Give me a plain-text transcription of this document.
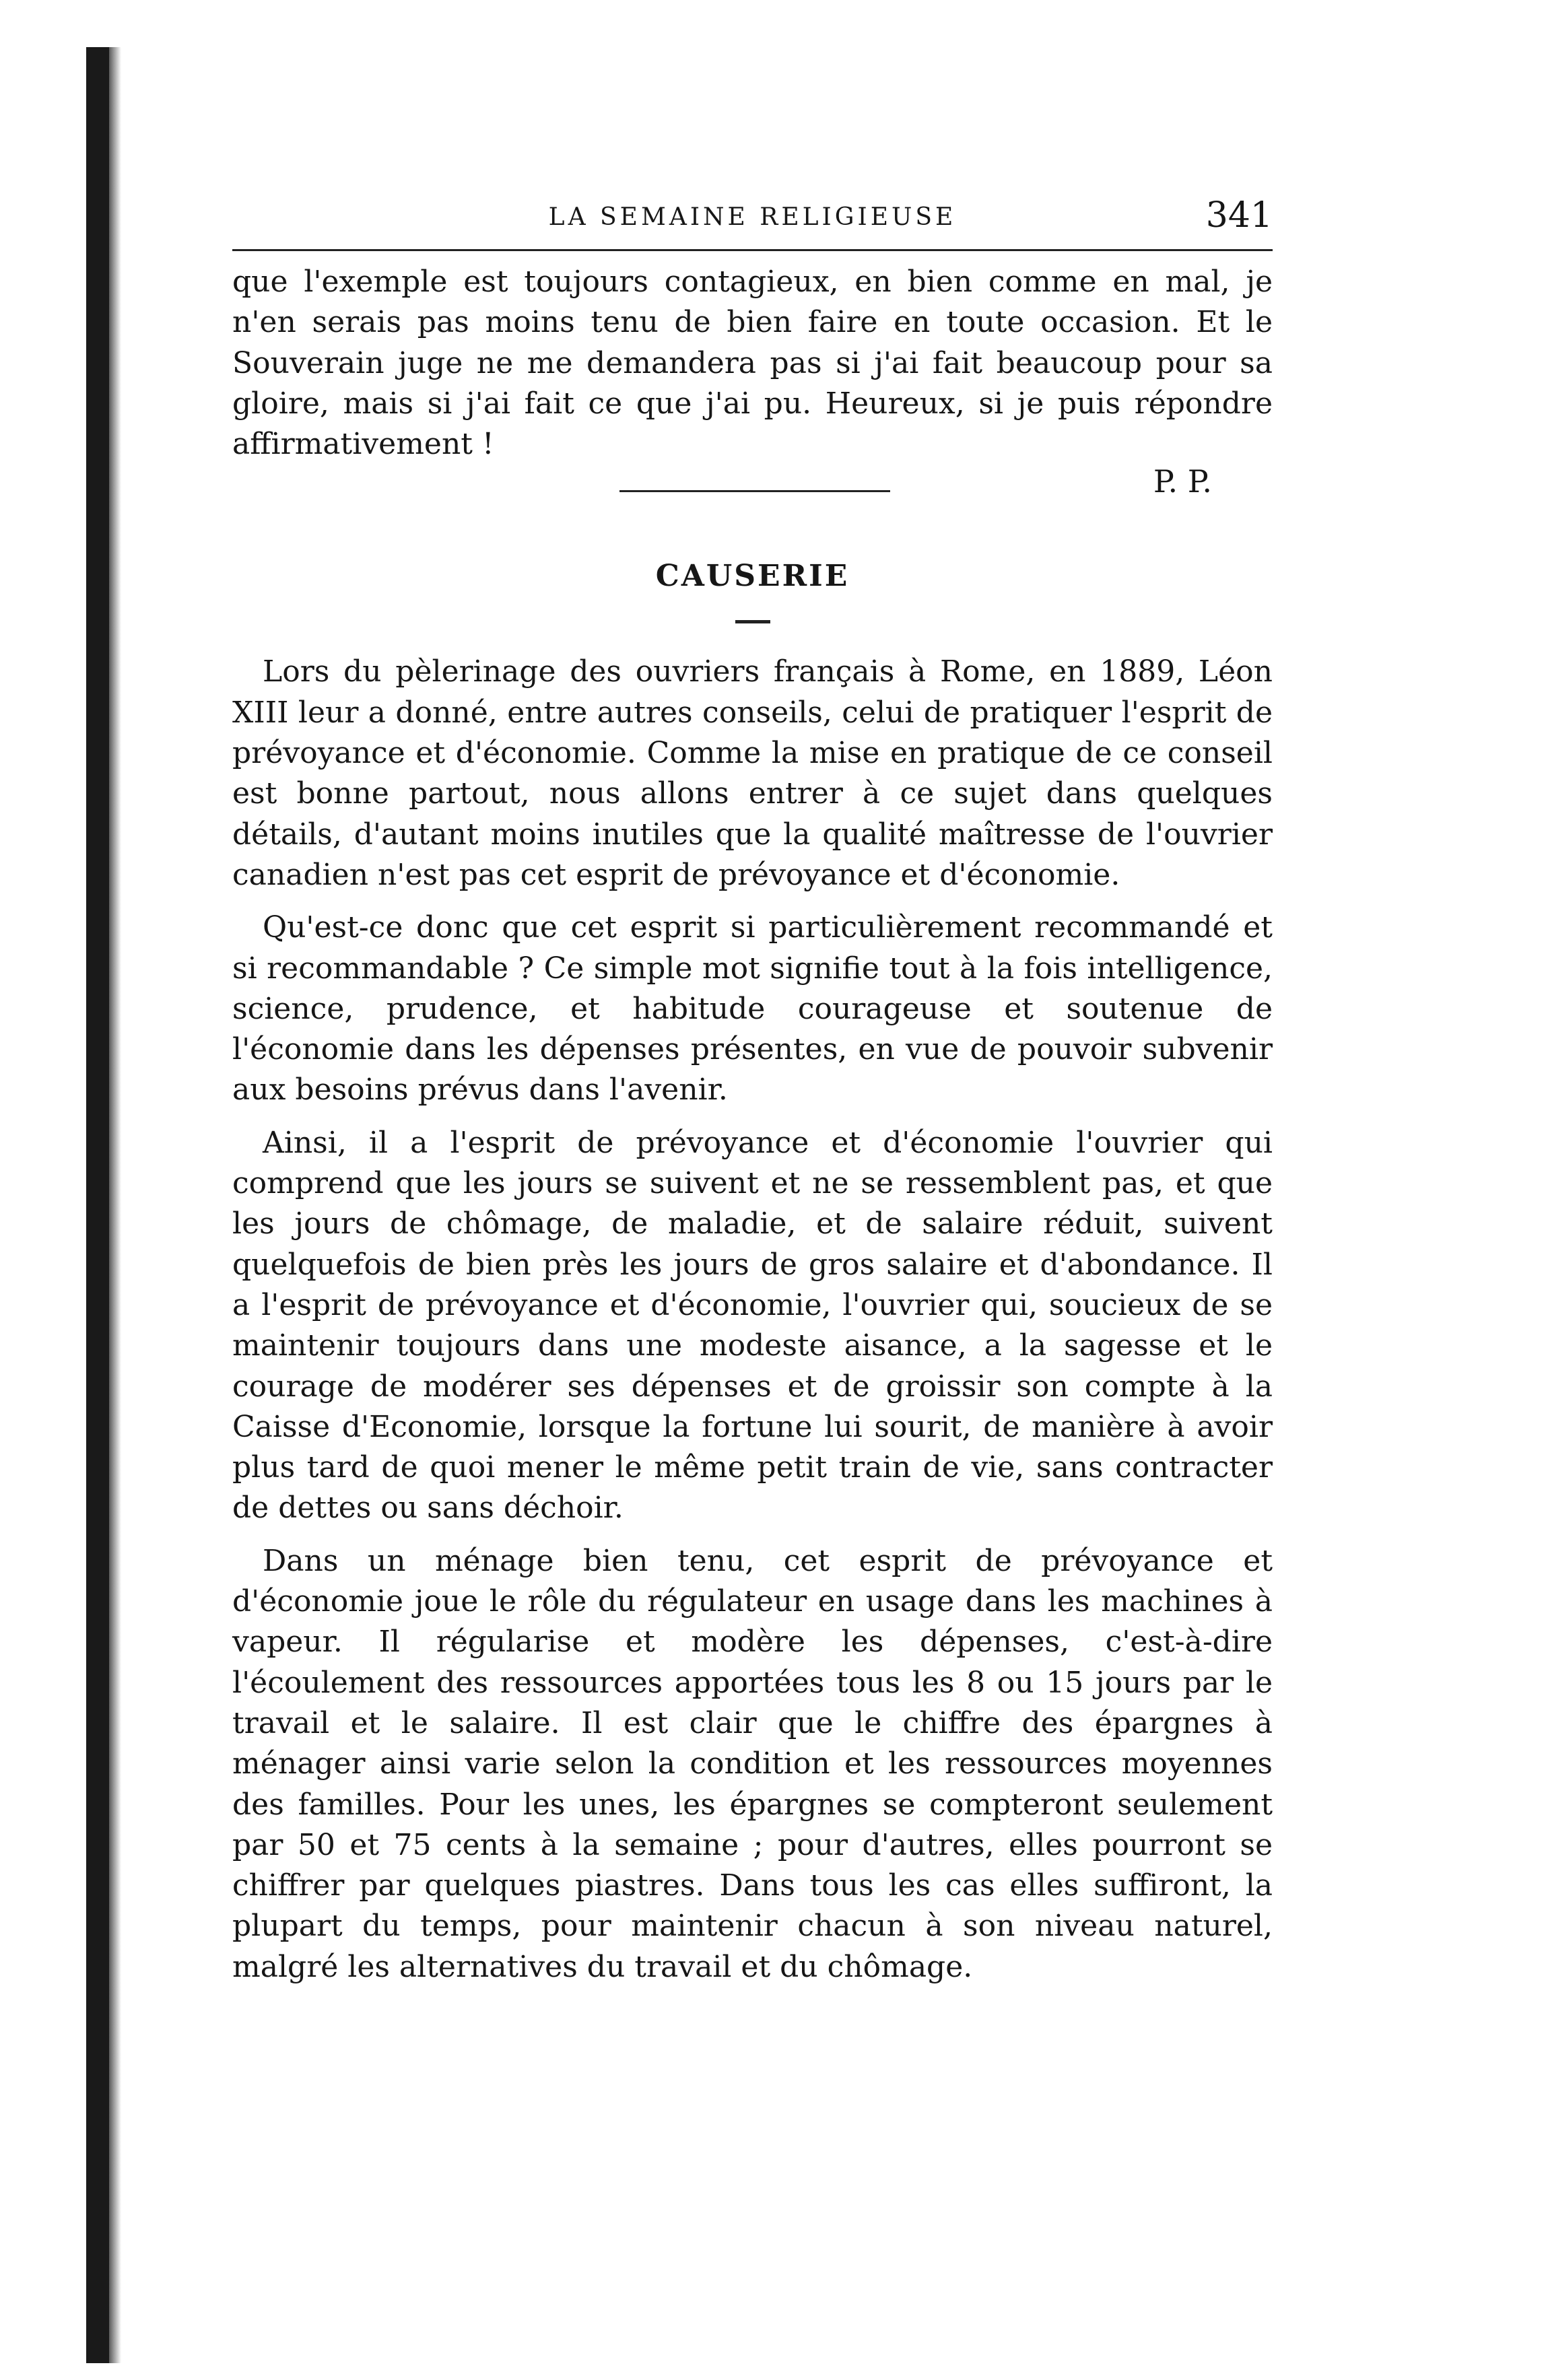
LA SEMAINE RELIGIEUSE	341

que l'exemple est toujours contagieux, en bien comme en mal, je n'en serais pas moins tenu de bien faire en toute occasion. Et le Souverain juge ne me demandera pas si j'ai fait beaucoup pour sa gloire, mais si j'ai fait ce que j'ai pu. Heureux, si je puis répondre affirmativement !

P. P.
CAUSERIE

Lors du pèlerinage des ouvriers français à Rome, en 1889, Léon XIII leur a donné, entre autres conseils, celui de pratiquer l'esprit de prévoyance et d'économie. Comme la mise en pratique de ce conseil est bonne partout, nous allons entrer à ce sujet dans quelques détails, d'autant moins inutiles que la qualité maîtresse de l'ouvrier canadien n'est pas cet esprit de prévoyance et d'économie.

Qu'est-ce donc que cet esprit si particulièrement recommandé et si recommandable ? Ce simple mot signifie tout à la fois intelligence, science, prudence, et habitude courageuse et soutenue de l'économie dans les dépenses présentes, en vue de pouvoir subvenir aux besoins prévus dans l'avenir.

Ainsi, il a l'esprit de prévoyance et d'économie l'ouvrier qui comprend que les jours se suivent et ne se ressemblent pas, et que les jours de chômage, de maladie, et de salaire réduit, suivent quelquefois de bien près les jours de gros salaire et d'abondance. Il a l'esprit de prévoyance et d'économie, l'ouvrier qui, soucieux de se maintenir toujours dans une modeste aisance, a la sagesse et le courage de modérer ses dépenses et de groissir son compte à la Caisse d'Economie, lorsque la fortune lui sourit, de manière à avoir plus tard de quoi mener le même petit train de vie, sans contracter de dettes ou sans déchoir.

Dans un ménage bien tenu, cet esprit de prévoyance et d'économie joue le rôle du régulateur en usage dans les machines à vapeur. Il régularise et modère les dépenses, c'est-à-dire l'écoulement des ressources apportées tous les 8 ou 15 jours par le travail et le salaire. Il est clair que le chiffre des épargnes à ménager ainsi varie selon la condition et les ressources moyennes des familles. Pour les unes, les épargnes se compteront seulement par 50 et 75 cents à la semaine ; pour d'autres, elles pourront se chiffrer par quelques piastres. Dans tous les cas elles suffiront, la plupart du temps, pour maintenir chacun à son niveau naturel, malgré les alternatives du travail et du chômage.
